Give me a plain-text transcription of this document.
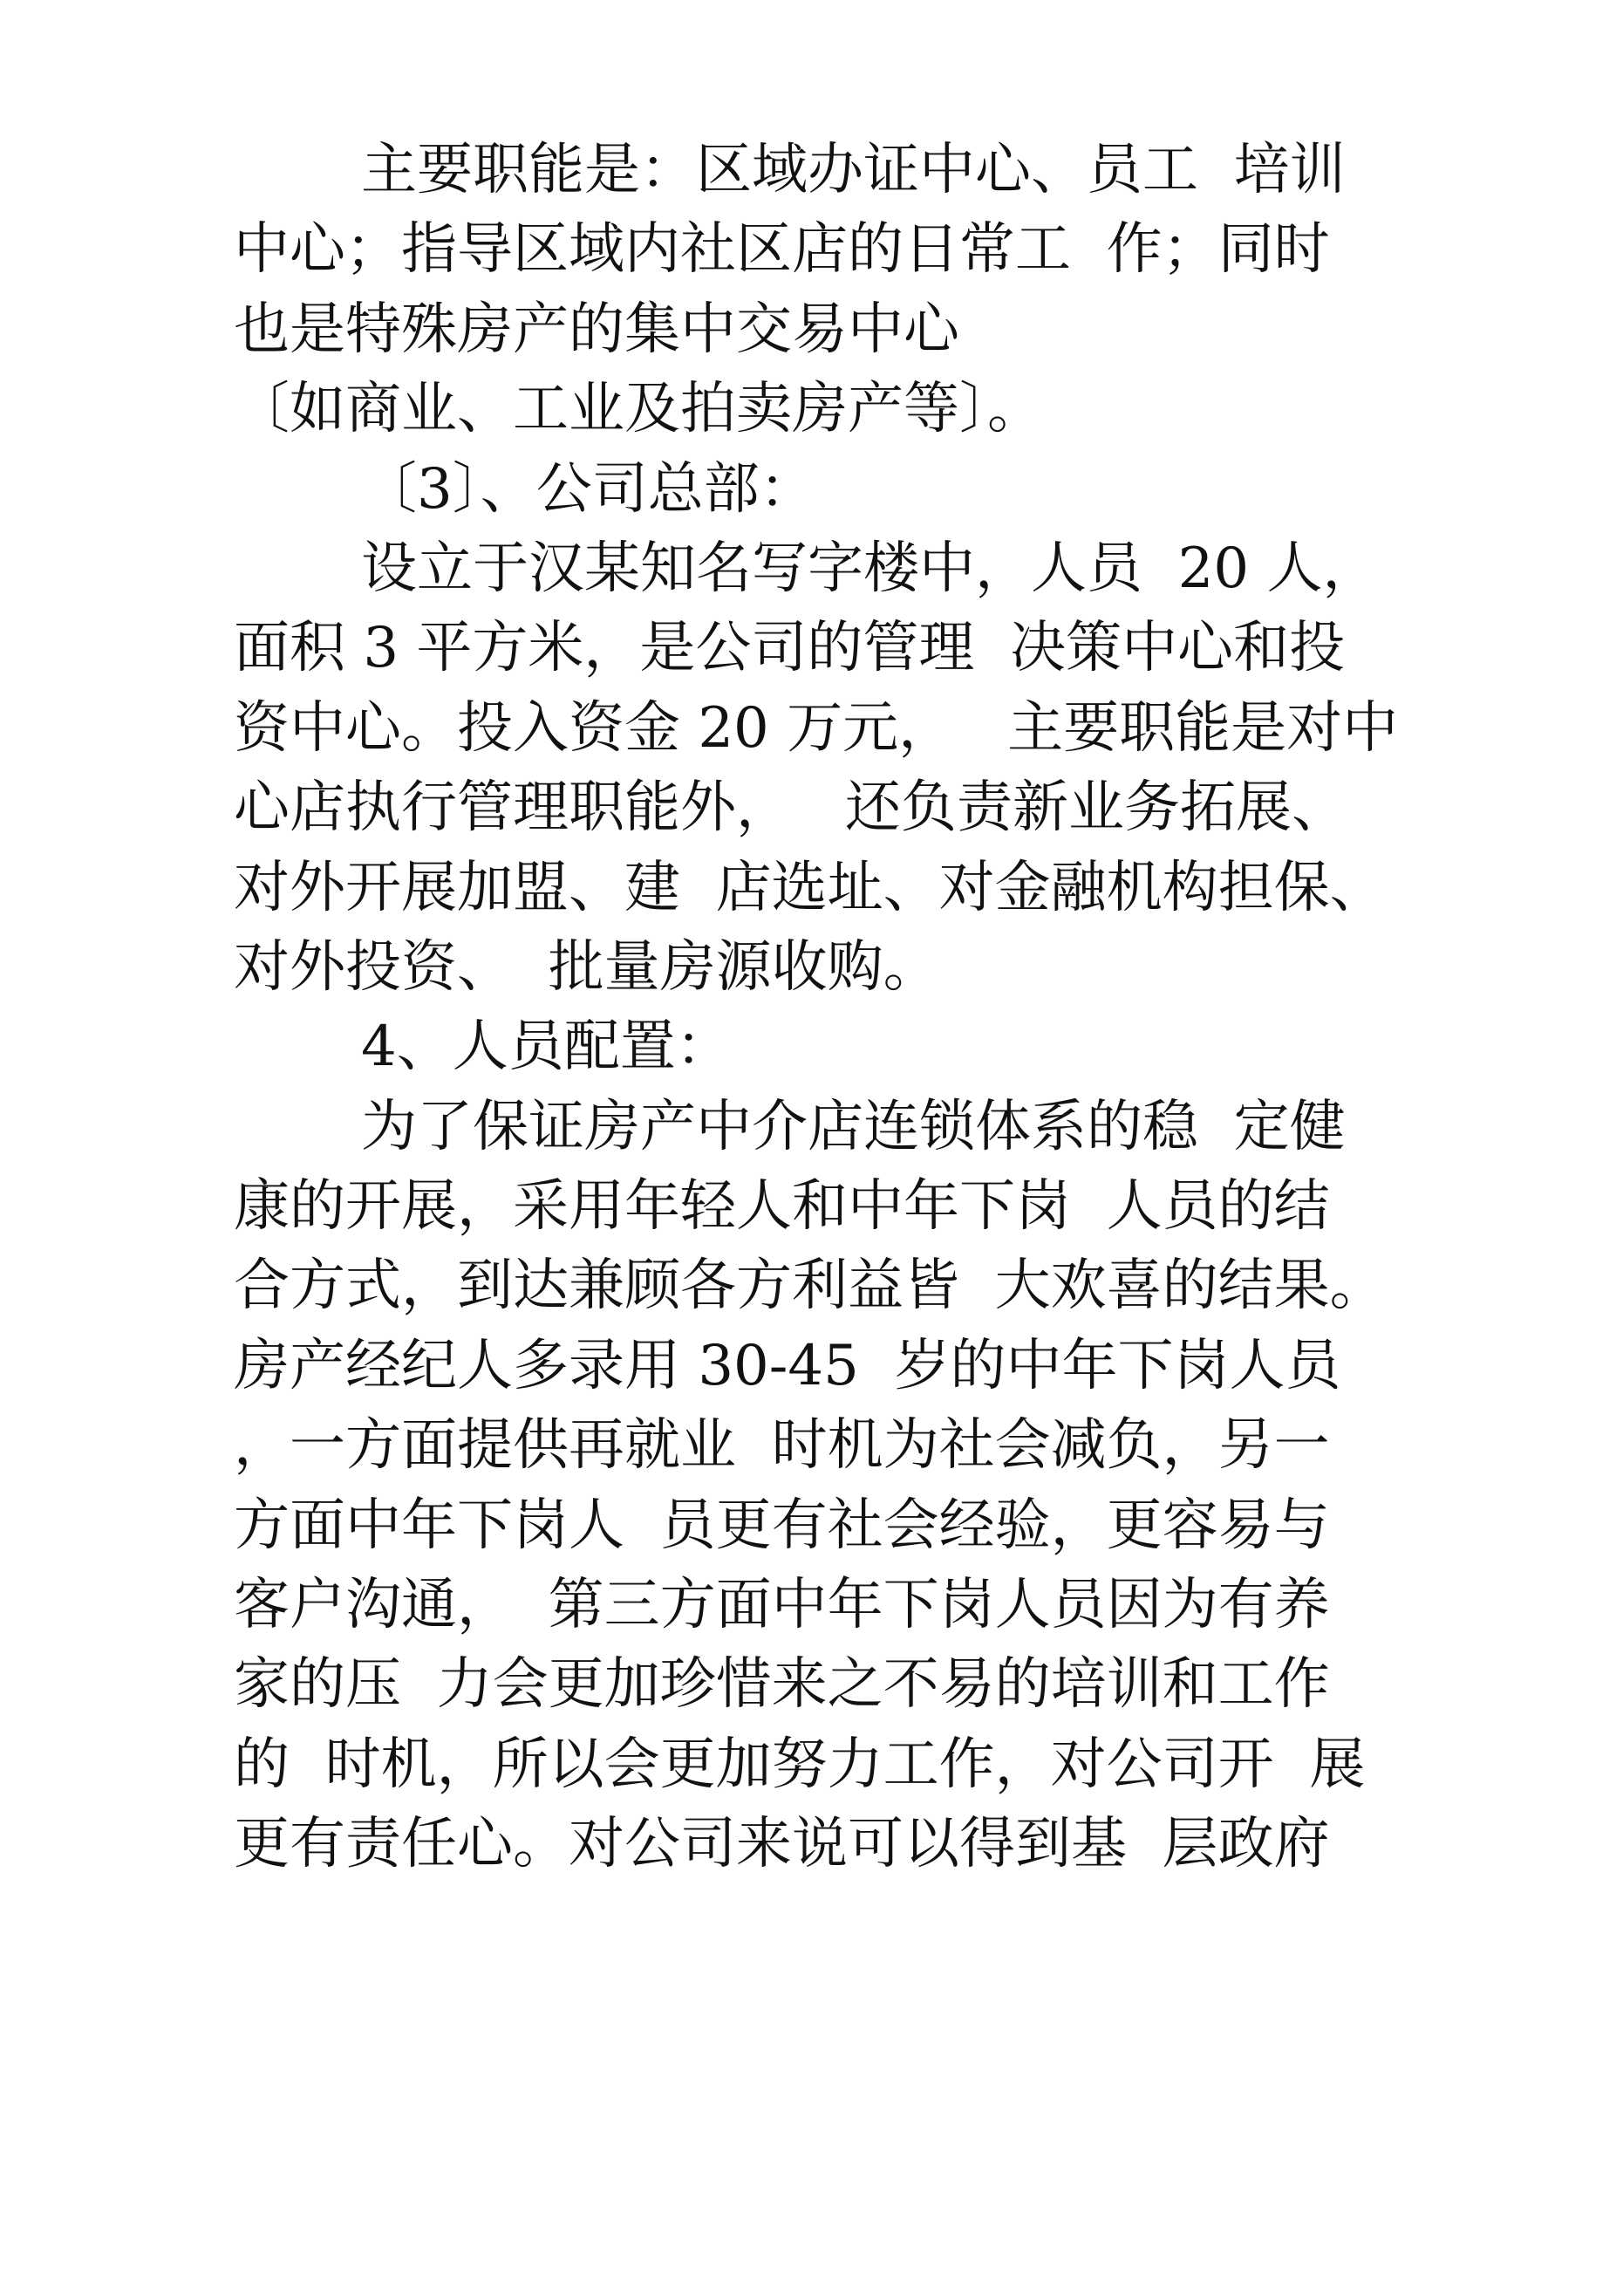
主要职能是：区域办证中心、员工  培训
中心；指导区域内社区店的日常工  作；同时
也是特殊房产的集中交易中心
〔如商业、工业及拍卖房产等〕。
〔3〕、公司总部：
设立于汉某知名写字楼中，人员  20 人，
面积 3 平方米，是公司的管理  决策中心和投
资中心。投入资金 20 万元，   主要职能是对中
心店执行管理职能外，   还负责新业务拓展、
对外开展加盟、建  店选址、对金融机构担保、
对外投资、  批量房源收购。
4、人员配置：
为了保证房产中介店连锁体系的稳  定健
康的开展，采用年轻人和中年下岗  人员的结
合方式，到达兼顾各方利益皆  大欢喜的结果。
房产经纪人多录用 30-45  岁的中年下岗人员
，一方面提供再就业  时机为社会减负，另一
方面中年下岗人  员更有社会经验，更容易与
客户沟通，  第三方面中年下岗人员因为有养
家的压  力会更加珍惜来之不易的培训和工作
的  时机，所以会更加努力工作，对公司开  展
更有责任心。对公司来说可以得到基  层政府
